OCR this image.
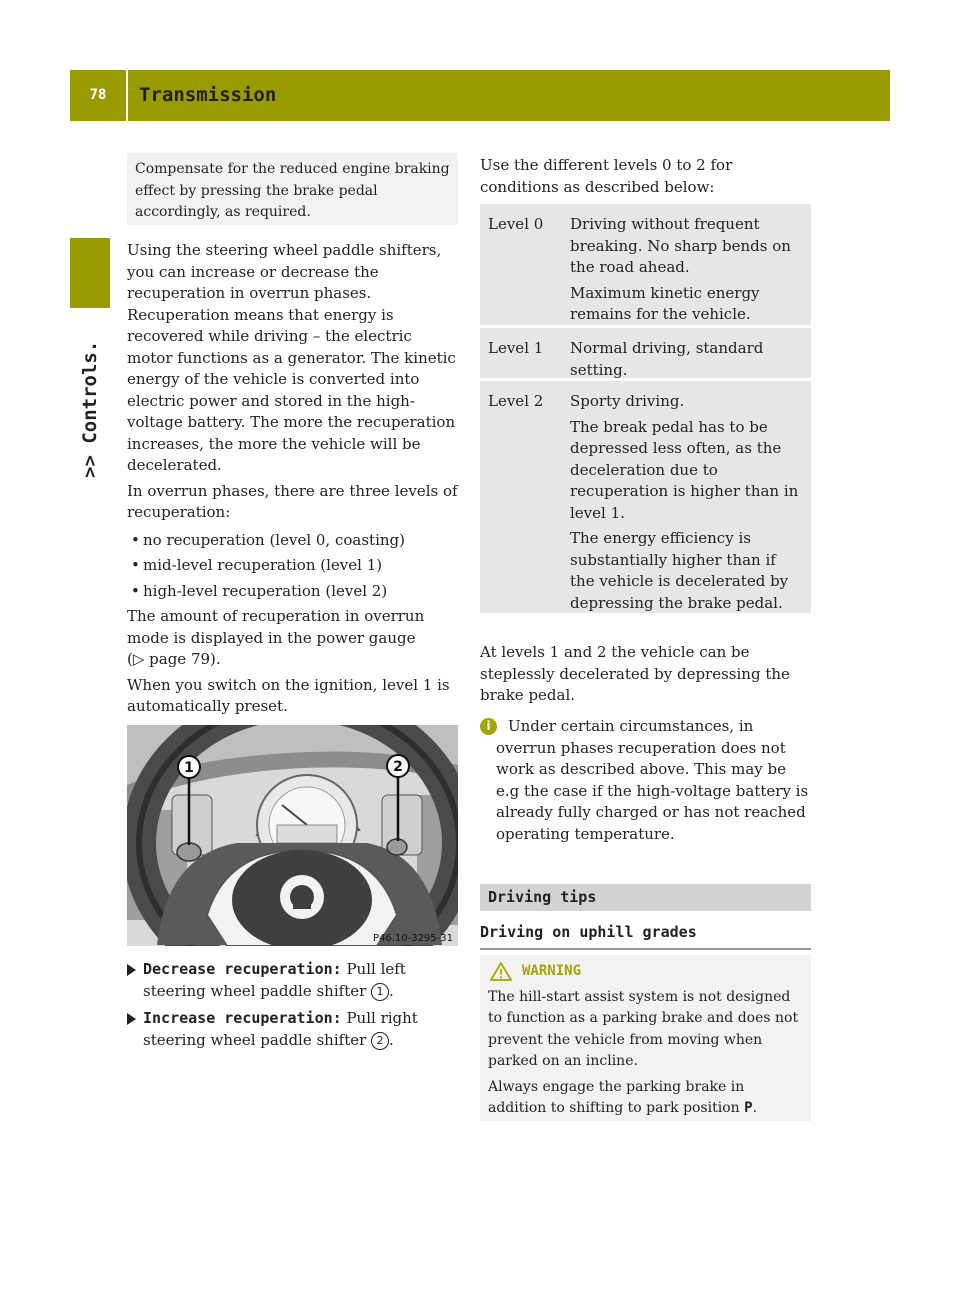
78	Transmission
>> Controls.

Compensate for the reduced engine braking effect by pressing the brake pedal accordingly, as required.

Using the steering wheel paddle shifters, you can increase or decrease the recuperation in overrun phases. Recuperation means that energy is recovered while driving – the electric motor functions as a generator. The kinetic energy of the vehicle is converted into electric power and stored in the high-voltage battery. The more the recuperation increases, the more the vehicle will be decelerated.

In overrun phases, there are three levels of recuperation:

• no recuperation (level 0, coasting)

• mid-level recuperation (level 1)

• high-level recuperation (level 2)

The amount of recuperation in overrun mode is displayed in the power gauge
(▷ page 79).

When you switch on the ignition, level 1 is automatically preset.

1	2
P46.10-3295-31

Decrease recuperation: Pull left steering wheel paddle shifter 1 .

Increase recuperation: Pull right steering wheel paddle shifter 2 .

Use the different levels 0 to 2 for conditions as described below:

Level 0	Driving without frequent breaking. No sharp bends on the road ahead.

Maximum kinetic energy remains for the vehicle.

Level 1	Normal driving, standard setting.

Level 2	Sporty driving.

The break pedal has to be depressed less often, as the deceleration due to recuperation is higher than in level 1.

The energy efficiency is substantially higher than if the vehicle is decelerated by depressing the brake pedal.

At levels 1 and 2 the vehicle can be steplessly decelerated by depressing the brake pedal.

i	Under certain circumstances, in overrun phases recuperation does not work as described above. This may be e.g the case if the high-voltage battery is already fully charged or has not reached operating temperature.

Driving tips
Driving on uphill grades
WARNING

The hill-start assist system is not designed to function as a parking brake and does not prevent the vehicle from moving when parked on an incline.

Always engage the parking brake in addition to shifting to park position P.
